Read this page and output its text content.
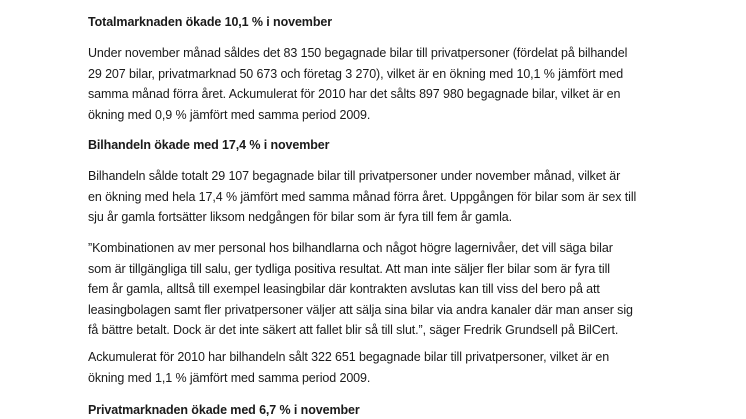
Totalmarknaden ökade 10,1 % i november

Under november månad såldes det 83 150 begagnade bilar till privatpersoner (fördelat på bilhandel
29 207 bilar, privatmarknad 50 673 och företag 3 270), vilket är en ökning med 10,1 % jämfört med
samma månad förra året. Ackumulerat för 2010 har det sålts 897 980 begagnade bilar, vilket är en
ökning med 0,9 % jämfört med samma period 2009.

Bilhandeln ökade med 17,4 % i november

Bilhandeln sålde totalt 29 107 begagnade bilar till privatpersoner under november månad, vilket är
en ökning med hela 17,4 % jämfört med samma månad förra året. Uppgången för bilar som är sex till
sju år gamla fortsätter liksom nedgången för bilar som är fyra till fem år gamla.

”Kombinationen av mer personal hos bilhandlarna och något högre lagernivåer, det vill säga bilar
som är tillgängliga till salu, ger tydliga positiva resultat. Att man inte säljer fler bilar som är fyra till
fem år gamla, alltså till exempel leasingbilar där kontrakten avslutas kan till viss del bero på att
leasingbolagen samt fler privatpersoner väljer att sälja sina bilar via andra kanaler där man anser sig
få bättre betalt. Dock är det inte säkert att fallet blir så till slut.”, säger Fredrik Grundsell på BilCert.

Ackumulerat för 2010 har bilhandeln sålt 322 651 begagnade bilar till privatpersoner, vilket är en
ökning med 1,1 % jämfört med samma period 2009.

Privatmarknaden ökade med 6,7 % i november
